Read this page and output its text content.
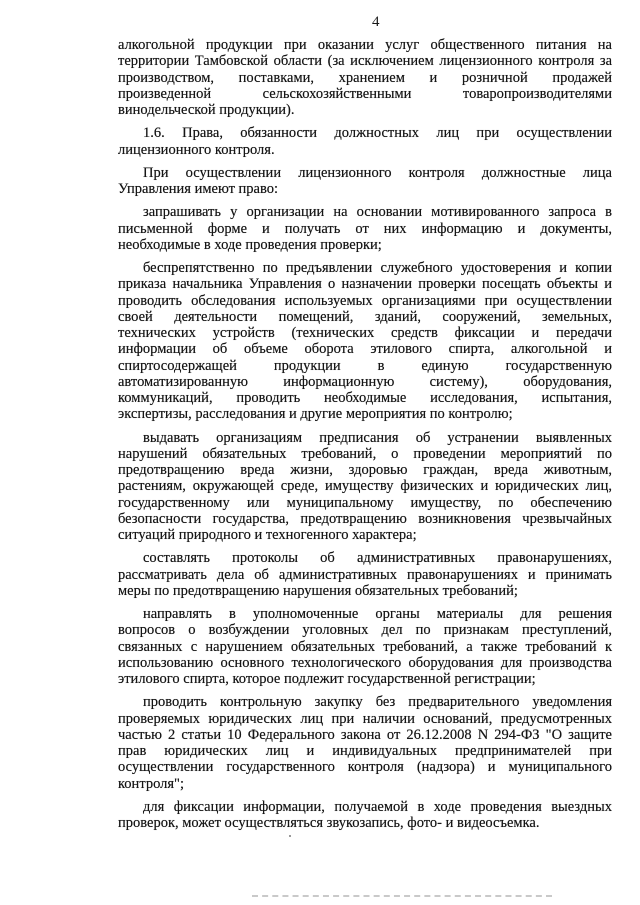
4
алкогольной продукции при оказании услуг общественного питания на
территории Тамбовской области (за исключением лицензионного контроля за
производством, поставками, хранением и розничной продажей
произведенной сельскохозяйственными товаропроизводителями
винодельческой продукции).
1.6. Права, обязанности должностных лиц при осуществлении
лицензионного контроля.
При осуществлении лицензионного контроля должностные лица
Управления имеют право:
запрашивать у организации на основании мотивированного запроса в
письменной форме и получать от них информацию и документы,
необходимые в ходе проведения проверки;
беспрепятственно по предъявлении служебного удостоверения и копии
приказа начальника Управления о назначении проверки посещать объекты и
проводить обследования используемых организациями при осуществлении
своей деятельности помещений, зданий, сооружений, земельных,
технических устройств (технических средств фиксации и передачи
информации об объеме оборота этилового спирта, алкогольной и
спиртосодержащей продукции в единую государственную
автоматизированную информационную систему), оборудования,
коммуникаций, проводить необходимые исследования, испытания,
экспертизы, расследования и другие мероприятия по контролю;
выдавать организациям предписания об устранении выявленных
нарушений обязательных требований, о проведении мероприятий по
предотвращению вреда жизни, здоровью граждан, вреда животным,
растениям, окружающей среде, имуществу физических и юридических лиц,
государственному или муниципальному имуществу, по обеспечению
безопасности государства, предотвращению возникновения чрезвычайных
ситуаций природного и техногенного характера;
составлять протоколы об административных правонарушениях,
рассматривать дела об административных правонарушениях и принимать
меры по предотвращению нарушения обязательных требований;
направлять в уполномоченные органы материалы для решения
вопросов о возбуждении уголовных дел по признакам преступлений,
связанных с нарушением обязательных требований, а также требований к
использованию основного технологического оборудования для производства
этилового спирта, которое подлежит государственной регистрации;
проводить контрольную закупку без предварительного уведомления
проверяемых юридических лиц при наличии оснований, предусмотренных
частью 2 статьи 10 Федерального закона от 26.12.2008 N 294-ФЗ "О защите
прав юридических лиц и индивидуальных предпринимателей при
осуществлении государственного контроля (надзора) и муниципального
контроля";
для фиксации информации, получаемой в ходе проведения выездных
проверок, может осуществляться звукозапись, фото- и видеосъемка.
